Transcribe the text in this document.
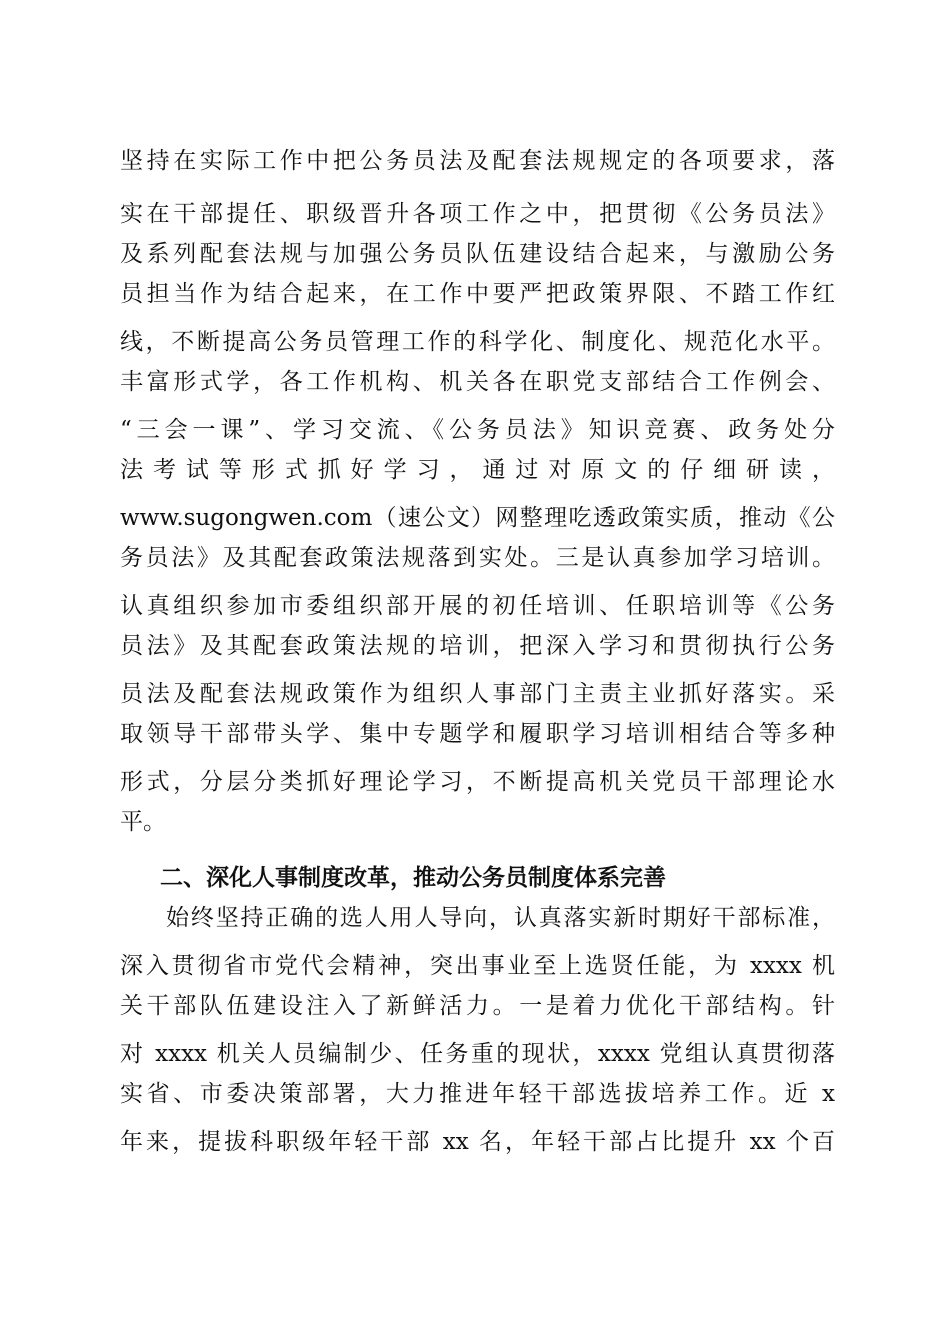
坚持在实际工作中把公务员法及配套法规规定的各项要求，落
实在干部提任、职级晋升各项工作之中，把贯彻《公务员法》
及系列配套法规与加强公务员队伍建设结合起来，与激励公务
员担当作为结合起来，在工作中要严把政策界限、不踏工作红
线，不断提高公务员管理工作的科学化、制度化、规范化水平。
丰富形式学，各工作机构、机关各在职党支部结合工作例会、
“三会一课”、学习交流、《公务员法》知识竞赛、政务处分
法考试等形式抓好学习，通过对原文的仔细研读，
www.sugongwen.com（速公文）网整理吃透政策实质，推动《公
务员法》及其配套政策法规落到实处。三是认真参加学习培训。
认真组织参加市委组织部开展的初任培训、任职培训等《公务
员法》及其配套政策法规的培训，把深入学习和贯彻执行公务
员法及配套法规政策作为组织人事部门主责主业抓好落实。采
取领导干部带头学、集中专题学和履职学习培训相结合等多种
形式，分层分类抓好理论学习，不断提高机关党员干部理论水
平。
二、深化人事制度改革，推动公务员制度体系完善
始终坚持正确的选人用人导向，认真落实新时期好干部标准，
深入贯彻省市党代会精神，突出事业至上选贤任能，为 xxxx 机
关干部队伍建设注入了新鲜活力。一是着力优化干部结构。针
对 xxxx 机关人员编制少、任务重的现状，xxxx 党组认真贯彻落
实省、市委决策部署，大力推进年轻干部选拔培养工作。近 x
年来，提拔科职级年轻干部 xx 名，年轻干部占比提升 xx 个百
